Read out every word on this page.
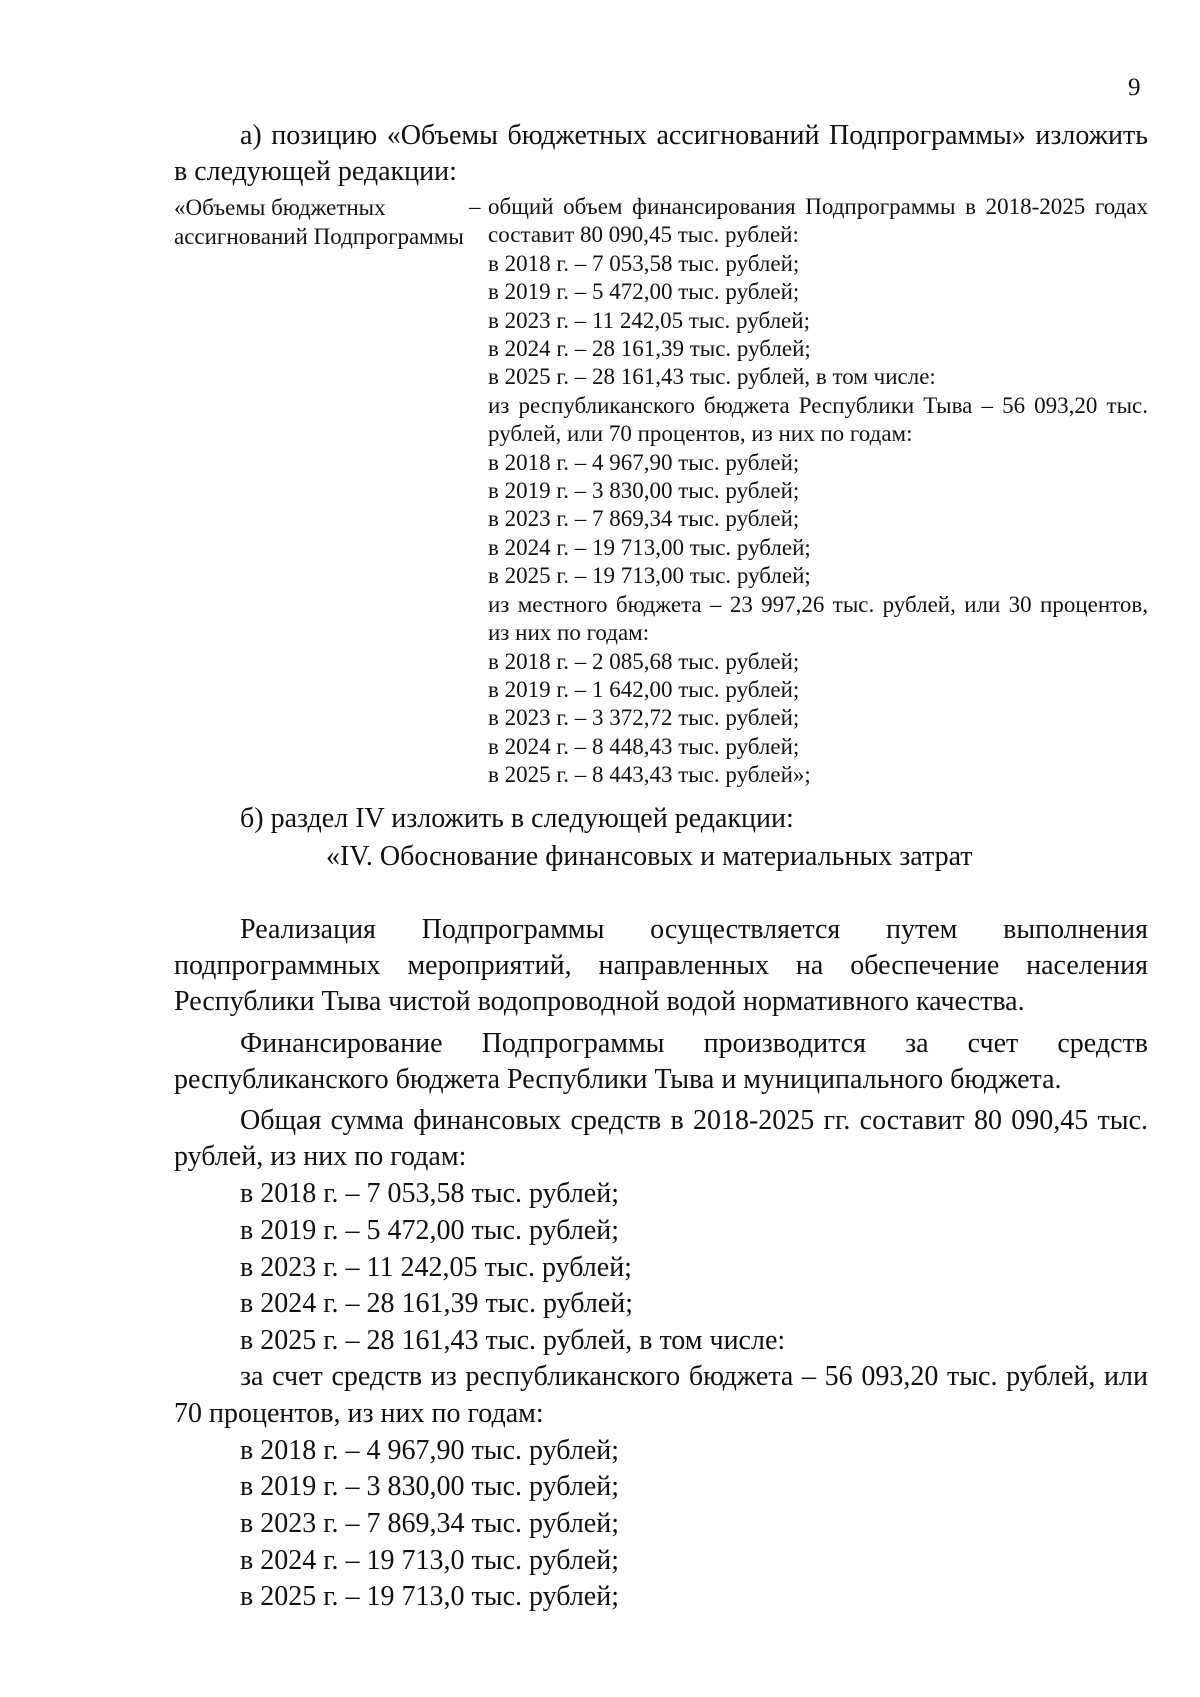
9
а) позицию «Объемы бюджетных ассигнований Подпрограммы» изложить в следующей редакции:
«Объемы бюджетных ассигнований Подпрограммы
– общий объем финансирования Подпрограммы в 2018-2025 годах составит 80 090,45 тыс. рублей:
в 2018 г. – 7 053,58 тыс. рублей;
в 2019 г. – 5 472,00 тыс. рублей;
в 2023 г. – 11 242,05 тыс. рублей;
в 2024 г. – 28 161,39 тыс. рублей;
в 2025 г. – 28 161,43 тыс. рублей, в том числе:
из республиканского бюджета Республики Тыва – 56 093,20 тыс. рублей, или 70 процентов, из них по годам:
в 2018 г. – 4 967,90 тыс. рублей;
в 2019 г. – 3 830,00 тыс. рублей;
в 2023 г. – 7 869,34 тыс. рублей;
в 2024 г. – 19 713,00 тыс. рублей;
в 2025 г. – 19 713,00 тыс. рублей;
из местного бюджета – 23 997,26 тыс. рублей, или 30 процентов, из них по годам:
в 2018 г. – 2 085,68 тыс. рублей;
в 2019 г. – 1 642,00 тыс. рублей;
в 2023 г. – 3 372,72 тыс. рублей;
в 2024 г. – 8 448,43 тыс. рублей;
в 2025 г. – 8 443,43 тыс. рублей»;
б) раздел IV изложить в следующей редакции:
«IV. Обоснование финансовых и материальных затрат

Реализация Подпрограммы осуществляется путем выполнения подпрограммных мероприятий, направленных на обеспечение населения Республики Тыва чистой водопроводной водой нормативного качества.

Финансирование Подпрограммы производится за счет средств республиканского бюджета Республики Тыва и муниципального бюджета.

Общая сумма финансовых средств в 2018-2025 гг. составит 80 090,45 тыс. рублей, из них по годам:

в 2018 г. – 7 053,58 тыс. рублей;
в 2019 г. – 5 472,00 тыс. рублей;
в 2023 г. – 11 242,05 тыс. рублей;
в 2024 г. – 28 161,39 тыс. рублей;
в 2025 г. – 28 161,43 тыс. рублей, в том числе:

за счет средств из республиканского бюджета – 56 093,20 тыс. рублей, или 70 процентов, из них по годам:

в 2018 г. – 4 967,90 тыс. рублей;
в 2019 г. – 3 830,00 тыс. рублей;
в 2023 г. – 7 869,34 тыс. рублей;
в 2024 г. – 19 713,0 тыс. рублей;
в 2025 г. – 19 713,0 тыс. рублей;
